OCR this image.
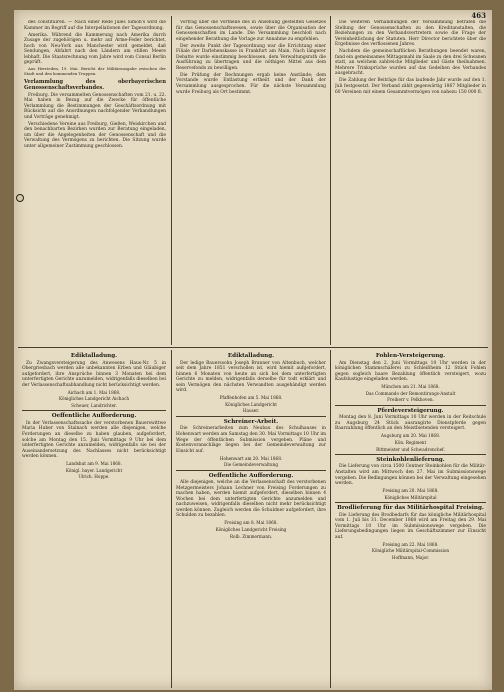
463

des constituiren. — Nach einer Rede Jules Simon's wird die Kammer im Begriff auf die Interpellationen der Tagesordnung.

Amerika. Während die Kammerung nach Amerika durch Zusage der zugehörigen u. mehr auf Arme-Feder berichtet, hoch von Neu-York aus Manchester wird gemeldet, daß Sendungen, Abfahrt nach den Ländern am stillen Meere lebhaft. Die Staatsrechnung vom Jahre wird vom Consul Berlin geprüft.

Aus Herrieden, 19. Mai. Bericht der Militärausgabe zwischen der Stadt und den kommenden Truppen.

Verlammlung des oberbayerischen Genossenschaftsverbandes.

Freiburg. Die versammelten Genossenschaften vom 21. u. 22. Mai haben in Bezug auf die Zwecke für öffentliche Verlammlung die Bestimmungen der Geschäftsordnung mit Rücksicht auf die Anordnungen nachfolgender Verhandlungen und Vorträge genehmigt.

Verschiedene Vereine aus Freiburg, Gießen, Weiskirchen und den benachbarten Bezirken wurden zur Beratung eingeladen, um über die Angelegenheiten der Genossenschaft und die Verwaltung des Vermögens zu berichten. Die Sitzung wurde unter allgemeiner Zustimmung geschlossen.

Vortrag über die Vortheile des in Ansehung gestellten Gesetzes für das Genossenschaftswesen, sowie über die Organisation der Genossenschaften im Lande. Die Versammlung beschloß nach eingehender Berathung die Vorlage zur Annahme zu empfehlen.

Der zweite Punkt der Tagesordnung war die Errichtung einer Filiale der Darlehenskasse in Frankfurt am Main. Nach längerer Debatte wurde einstimmig beschlossen, dem Verwaltungsrath die Ausführung zu übertragen und die nöthigen Mittel aus dem Reservefonds zu bewilligen.

Die Prüfung der Rechnungen ergab keine Anstände; dem Vorstande wurde Entlastung ertheilt und der Dank der Versammlung ausgesprochen. Für die nächste Versammlung wurde Freiburg als Ort bestimmt.

Die weiteren Verhandlungen der Versammlung betrafen die Stellung der Genossenschaften zu den Kreditanstalten, die Beziehungen zu den Verbandsvertretern sowie die Frage der Vereinheitlichung der Statuten. Herr Director berichtete über die Ergebnisse des verflossenen Jahres.

Nachdem die gemeinschaftlichen Berathungen beendet waren, fand ein gemeinsames Mittagsmahl im Saale zu den drei Schwanen statt, an welchem zahlreiche Mitglieder und Gäste theilnahmen. Mehrere Trinksprüche wurden auf das Gedeihen des Verbandes ausgebracht.

Die Zahlung der Beiträge für das laufende Jahr wurde auf den 1. Juli festgesetzt. Der Verband zählt gegenwärtig 1867 Mitglieder in 60 Vereinen mit einem Gesammtvermögen von nahezu 150 000 fl.

Ediktalladung.

Zu Zwangsversteigerung des Anwesens Haus-Nr. 5 in Obergriesbach werden alle unbekannten Erben und Gläubiger aufgefordert, ihre Ansprüche binnen 3 Monaten bei dem unterfertigten Gerichte anzumelden, widrigenfalls dieselben bei der Verlassenschaftsabhandlung nicht berücksichtigt werden.

Aichach am 1. Mai 1868.
Königliches Landgericht Aichach
Scheuer, Landrichter.
Oeffentliche Aufforderung.

In der Verlassenschaftssache der verstorbenen Bauerswittwe Maria Huber von Stainach werden alle diejenigen, welche Forderungen an dieselbe zu haben glauben, aufgefordert, solche am Montag den 15. Juni Vormittags 9 Uhr bei dem unterfertigten Gerichte anzumelden, widrigenfalls sie bei der Auseinandersetzung des Nachlasses nicht berücksichtigt werden können.

Landshut am 9. Mai 1868.
Königl. bayer. Landgericht
Ulrich. Hoppe.
Ediktalladung.

Der ledige Bauerssohn Joseph Brunner von Altenbuch, welcher seit dem Jahre 1851 verschollen ist, wird hiemit aufgefordert, binnen 6 Monaten von heute an sich bei dem unterfertigten Gerichte zu melden, widrigenfalls derselbe für todt erklärt und sein Vermögen den nächsten Verwandten ausgehändigt werden wird.

Pfaffenhofen am 5. Mai 1868.
Königliches Landgericht
Hauser.
Schreiner-Arbeit.

Die Schreinerarbeiten zum Neubau des Schulhauses in Hohenwart werden am Samstag den 30. Mai Vormittags 10 Uhr im Wege der öffentlichen Submission vergeben. Pläne und Kostenvoranschläge liegen bei der Gemeindeverwaltung zur Einsicht auf.

Hohenwart am 20. Mai 1868.
Die Gemeindeverwaltung
Oeffentliche Aufforderung.

Alle diejenigen, welche an die Verlassenschaft des verstorbenen Metzgermeisters Johann Lechner von Freising Forderungen zu machen haben, werden hiemit aufgefordert, dieselben binnen 4 Wochen bei dem unterfertigten Gerichte anzumelden und nachzuweisen, widrigenfalls dieselben nicht mehr berücksichtigt werden können. Zugleich werden die Schuldner aufgefordert, ihre Schulden zu bezahlen.

Freising am 8. Mai 1868.
Königliches Landgericht Freising
Rolb. Zimmermann.
Fohlen-Versteigerung.

Am Dienstag den 2. Juni Vormittags 10 Uhr werden in der königlichen Stammschäferei zu Schleißheim 12 Stück Fohlen gegen sogleich baare Bezahlung öffentlich versteigert, wozu Kaufslustige eingeladen werden.

München am 21. Mai 1868.
Das Commando der Remontirungs-Anstalt
Freiherr v. Pelkhoven.
Pferdeversteigerung.

Montag den 8. Juni Vormittags 10 Uhr werden in der Reitschule zu Augsburg 24 Stück ausrangirte Dienstpferde gegen Baarzahlung öffentlich an den Meistbietenden versteigert.

Augsburg am 20. Mai 1868.
Kön. Regiment
Rittmeister und Schwadronchef.
Steinkohlenlieferung.

Die Lieferung von circa 1500 Centner Steinkohlen für die Militär-Anstalten wird am Mittwoch den 27. Mai im Submissionswege vergeben. Die Bedingungen können bei der Verwaltung eingesehen werden.

Freising am 20. Mai 1868.
Königliches Militärspital
Brodlieferung für das Militärhospital Freising.

Die Lieferung des Brodbedarfs für das königliche Militärhospital vom 1. Juli bis 31. December 1868 wird am Freitag den 29. Mai Vormittags 10 Uhr im Submissionswege vergeben. Die Lieferungsbedingungen liegen im Geschäftszimmer zur Einsicht auf.

Freising am 22. Mai 1868.
Königliche Militärspital-Commission
Hoffmann, Major.
